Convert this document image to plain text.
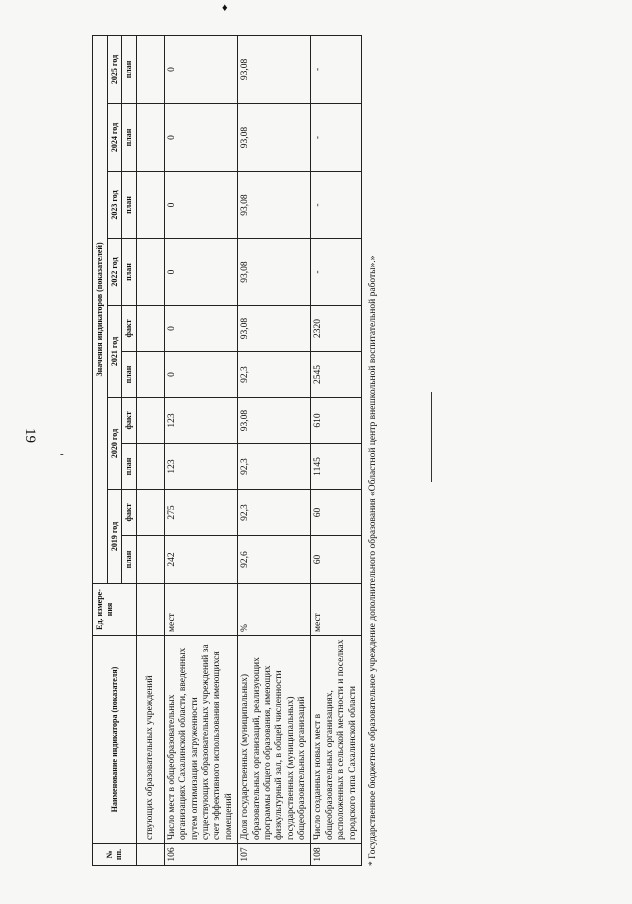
♦
-
19
№ пп.	Наименование индикатора (показателя)	Ед. измере-ния	Значения индикаторов (показателей)									
			2019 год		2020 год		2021 год		2022 год	2023 год	2024 год	2025 год
			план	факт	план	факт	план	факт	план	план	план	план
	ствующих образовательных учреждений											
106	Число мест в общеобразовательных организациях Сахалинской области, введенных путем оптимизации загруженности существующих образовательных учреждений за счет эффективного использования имеющихся помещений	мест	242	275	123	123	0	0	0	0	0	0
107	Доля государственных (муниципальных) образовательных организаций, реализующих программы общего образования, имеющих физкультурный зал, в общей численности государственных (муниципальных) общеобразовательных организаций	%	92,6	92,3	92,3	93,08	92,3	93,08	93,08	93,08	93,08	93,08
108	Число созданных новых мест в общеобразовательных организациях, расположенных в сельской местности и поселках городского типа Сахалинской области	мест	60	60	1145	610	2545	2320	-	-	-	-
* Государственное бюджетное образовательное учреждение дополнительного образования «Областной центр внешкольной воспитательной работы».»
